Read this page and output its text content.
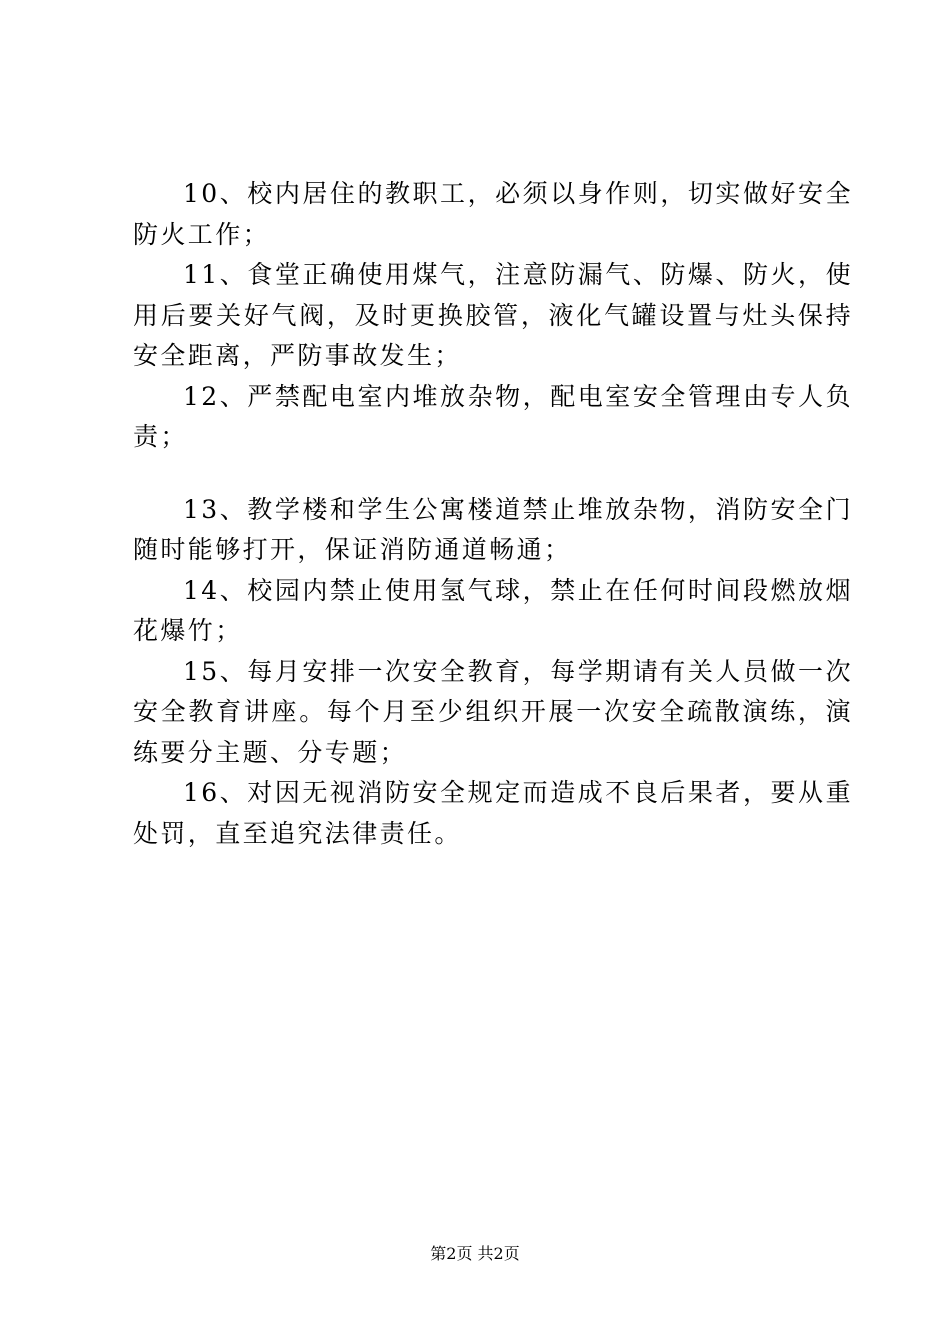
10、校内居住的教职工，必须以身作则，切实做好安全防火工作；

11、食堂正确使用煤气，注意防漏气、防爆、防火，使用后要关好气阀，及时更换胶管，液化气罐设置与灶头保持安全距离，严防事故发生；

12、严禁配电室内堆放杂物，配电室安全管理由专人负责；

13、教学楼和学生公寓楼道禁止堆放杂物，消防安全门随时能够打开，保证消防通道畅通；

14、校园内禁止使用氢气球，禁止在任何时间段燃放烟花爆竹；

15、每月安排一次安全教育，每学期请有关人员做一次安全教育讲座。每个月至少组织开展一次安全疏散演练，演练要分主题、分专题；

16、对因无视消防安全规定而造成不良后果者，要从重处罚，直至追究法律责任。

第2页 共2页
